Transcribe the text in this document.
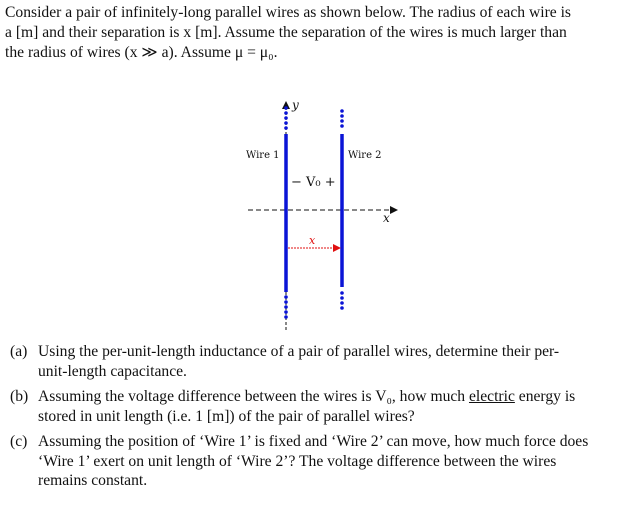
Consider a pair of infinitely-long parallel wires as shown below. The radius of each wire is
a [m] and their separation is x [m]. Assume the separation of the wires is much larger than
the radius of wires (x ≫ a). Assume μ = μ₀.
y
x
Wire 1	Wire 2
− V₀ +
x
(a) Using the per-unit-length inductance of a pair of parallel wires, determine their per-
unit-length capacitance.
(b) Assuming the voltage difference between the wires is V₀, how much electric energy is
stored in unit length (i.e. 1 [m]) of the pair of parallel wires?
(c) Assuming the position of ‘Wire 1’ is fixed and ‘Wire 2’ can move, how much force does
‘Wire 1’ exert on unit length of ‘Wire 2’? The voltage difference between the wires
remains constant.
